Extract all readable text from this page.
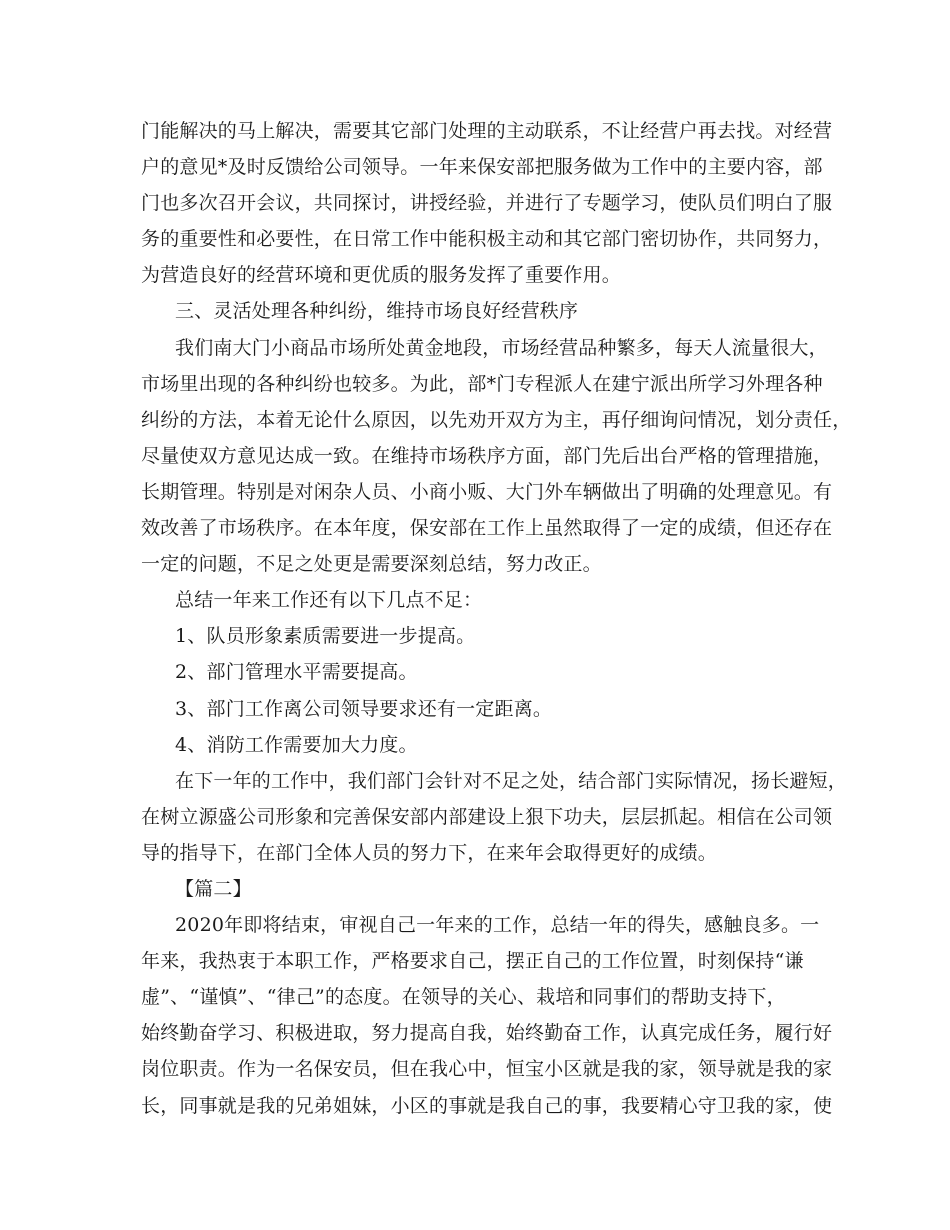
门能解决的马上解决，需要其它部门处理的主动联系，不让经营户再去找。对经营
户的意见*及时反馈给公司领导。一年来保安部把服务做为工作中的主要内容，部
门也多次召开会议，共同探讨，讲授经验，并进行了专题学习，使队员们明白了服
务的重要性和必要性，在日常工作中能积极主动和其它部门密切协作，共同努力，
为营造良好的经营环境和更优质的服务发挥了重要作用。
三、灵活处理各种纠纷，维持市场良好经营秩序
我们南大门小商品市场所处黄金地段，市场经营品种繁多，每天人流量很大，
市场里出现的各种纠纷也较多。为此，部*门专程派人在建宁派出所学习外理各种
纠纷的方法，本着无论什么原因，以先劝开双方为主，再仔细询问情况，划分责任，
尽量使双方意见达成一致。在维持市场秩序方面，部门先后出台严格的管理措施，
长期管理。特别是对闲杂人员、小商小贩、大门外车辆做出了明确的处理意见。有
效改善了市场秩序。在本年度，保安部在工作上虽然取得了一定的成绩，但还存在
一定的问题，不足之处更是需要深刻总结，努力改正。
总结一年来工作还有以下几点不足：
1、队员形象素质需要进一步提高。
2、部门管理水平需要提高。
3、部门工作离公司领导要求还有一定距离。
4、消防工作需要加大力度。
在下一年的工作中，我们部门会针对不足之处，结合部门实际情况，扬长避短，
在树立源盛公司形象和完善保安部内部建设上狠下功夫，层层抓起。相信在公司领
导的指导下，在部门全体人员的努力下，在来年会取得更好的成绩。
【篇二】
2020年即将结束，审视自己一年来的工作，总结一年的得失，感触良多。一
年来，我热衷于本职工作，严格要求自己，摆正自己的工作位置，时刻保持“谦
虚”、“谨慎”、“律己”的态度。在领导的关心、栽培和同事们的帮助支持下，
始终勤奋学习、积极进取，努力提高自我，始终勤奋工作，认真完成任务，履行好
岗位职责。作为一名保安员，但在我心中，恒宝小区就是我的家，领导就是我的家
长，同事就是我的兄弟姐妹，小区的事就是我自己的事，我要精心守卫我的家，使
